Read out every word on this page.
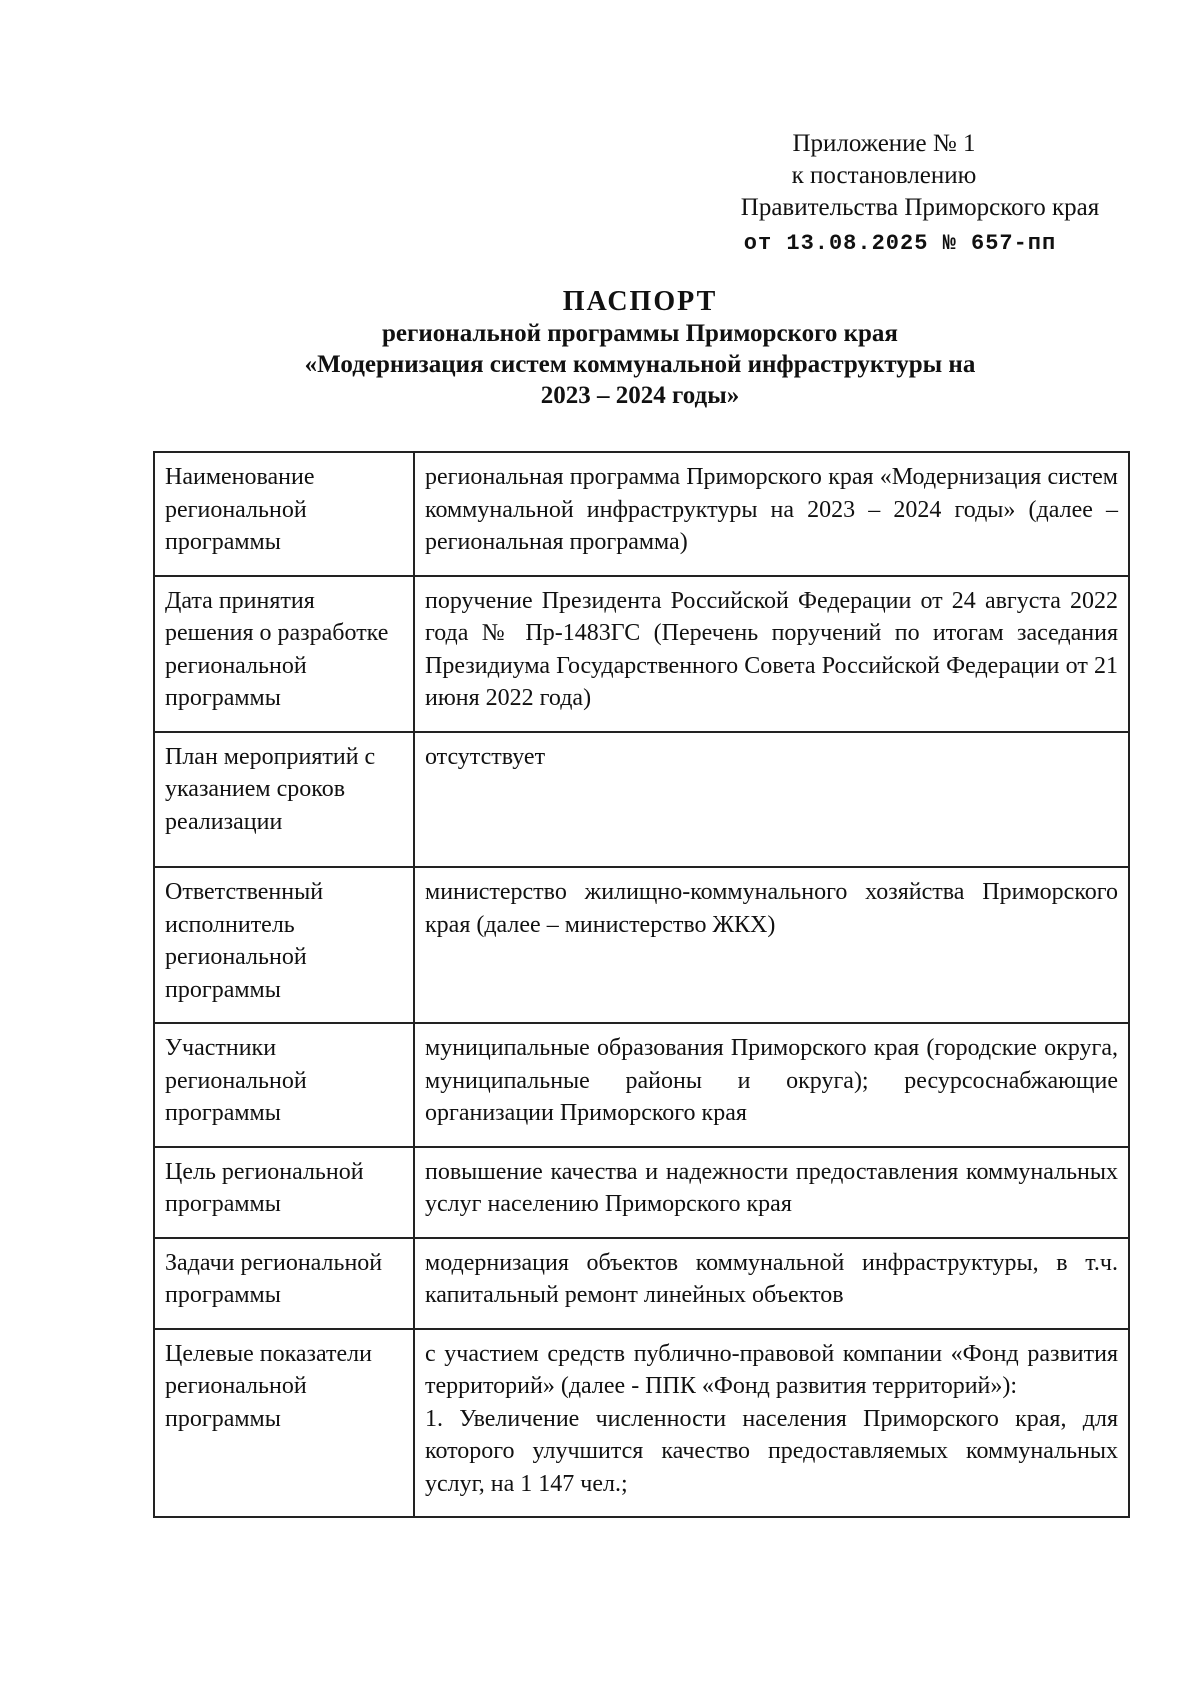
Приложение № 1
к постановлению
Правительства Приморского края
от 13.08.2025 № 657-пп
ПАСПОРТ
региональной программы Приморского края
«Модернизация систем коммунальной инфраструктуры на
2023 – 2024 годы»
Наименование региональной программы	региональная программа Приморского края «Модернизация систем коммунальной инфраструктуры на 2023 – 2024 годы» (далее – региональная программа)
Дата принятия решения о разработке региональной программы	поручение Президента Российской Федерации от 24 августа 2022 года № Пр-1483ГС (Перечень поручений по итогам заседания Президиума Государственного Совета Российской Федерации от 21 июня 2022 года)
План мероприятий с указанием сроков реализации	отсутствует
Ответственный исполнитель региональной программы	министерство жилищно-коммунального хозяйства Приморского края (далее – министерство ЖКХ)
Участники региональной программы	муниципальные образования Приморского края (городские округа, муниципальные районы и округа); ресурсоснабжающие организации Приморского края
Цель региональной программы	повышение качества и надежности предоставления коммунальных услуг населению Приморского края
Задачи региональной программы	модернизация объектов коммунальной инфраструктуры, в т.ч. капитальный ремонт линейных объектов
Целевые показатели региональной программы	с участием средств публично-правовой компании «Фонд развития территорий» (далее - ППК «Фонд развития территорий»):
1. Увеличение численности населения Приморского края, для которого улучшится качество предоставляемых коммунальных услуг, на 1 147 чел.;
